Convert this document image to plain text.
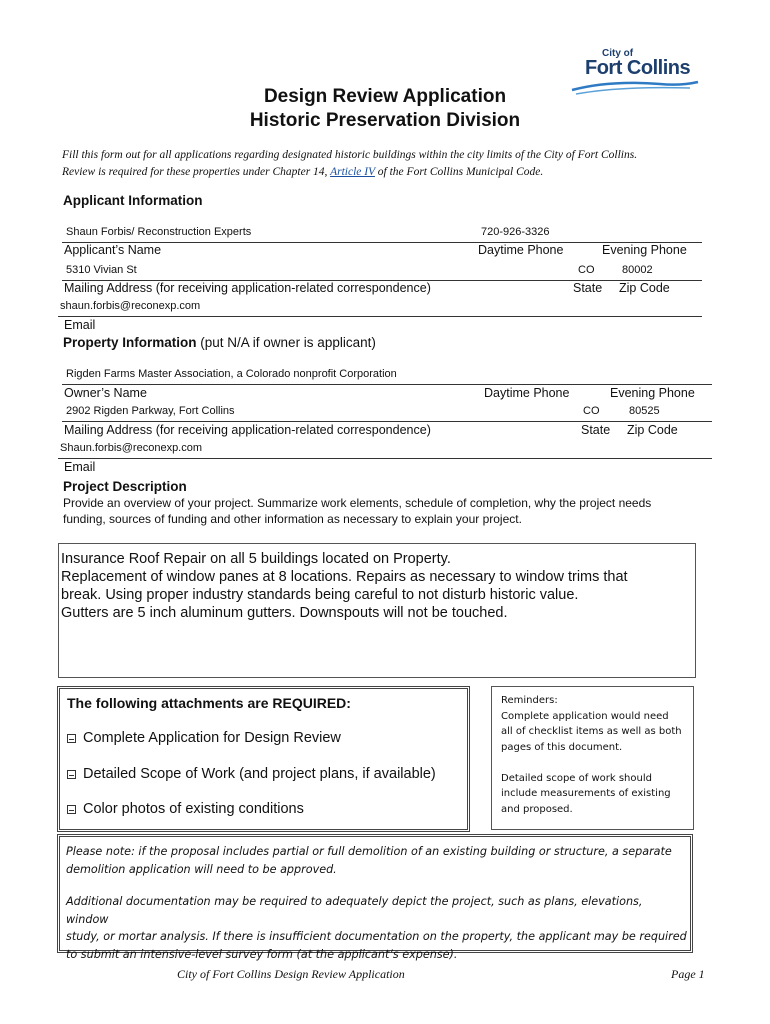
City of
Fort Collins
Design Review Application
Historic Preservation Division
Fill this form out for all applications regarding designated historic buildings within the city limits of the City of Fort Collins.
Review is required for these properties under Chapter 14, Article IV of the Fort Collins Municipal Code.
Applicant Information
Shaun Forbis/ Reconstruction Experts	720-926-3326
Applicant’s Name	Daytime Phone	Evening Phone
5310 Vivian St	CO	80002
Mailing Address (for receiving application-related correspondence)	State Zip Code
shaun.forbis@reconexp.com
Email
Property Information (put N/A if owner is applicant)
Rigden Farms Master Association, a Colorado nonprofit Corporation
Owner’s Name	Daytime Phone	Evening Phone
2902 Rigden Parkway, Fort Collins	CO	80525
Mailing Address (for receiving application-related correspondence)	State Zip Code
Shaun.forbis@reconexp.com
Email
Project Description
Provide an overview of your project. Summarize work elements, schedule of completion, why the project needs
funding, sources of funding and other information as necessary to explain your project.
Insurance Roof Repair on all 5 buildings located on Property.
Replacement of window panes at 8 locations. Repairs as necessary to window trims that
break. Using proper industry standards being careful to not disturb historic value.
Gutters are 5 inch aluminum gutters. Downspouts will not be touched.
The following attachments are REQUIRED:
Complete Application for Design Review
Detailed Scope of Work (and project plans, if available)
Color photos of existing conditions
Reminders:
Complete application would need
all of checklist items as well as both
pages of this document.
Detailed scope of work should
include measurements of existing
and proposed.
Please note: if the proposal includes partial or full demolition of an existing building or structure, a separate
demolition application will need to be approved.
Additional documentation may be required to adequately depict the project, such as plans, elevations, window
study, or mortar analysis. If there is insufficient documentation on the property, the applicant may be required
to submit an intensive-level survey form (at the applicant’s expense).
City of Fort Collins Design Review Application	Page 1
